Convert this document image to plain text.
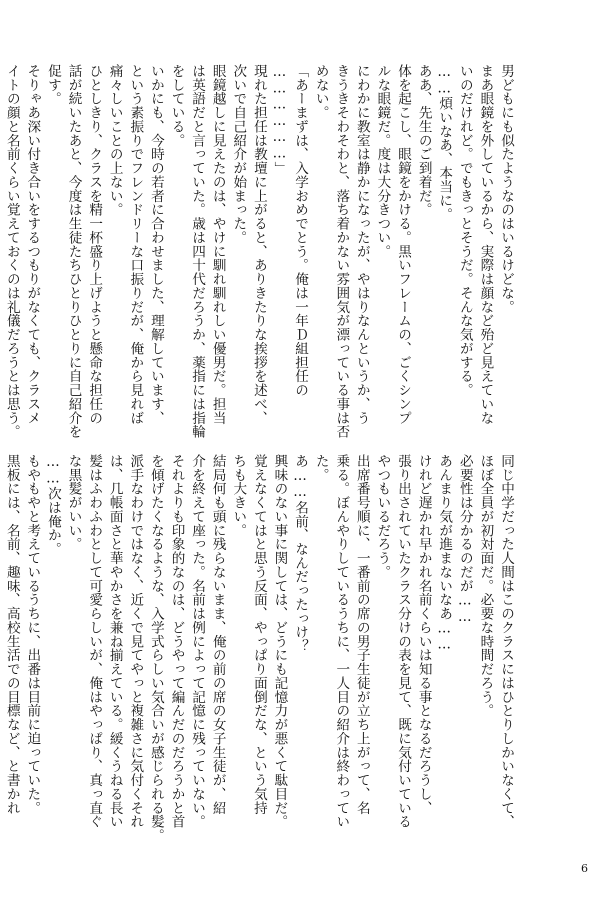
男どもにも似たようなのはいるけどな。
まあ眼鏡を外しているから、実際は顔など殆ど見えていな
いのだけれど。でもきっとそうだ。そんな気がする。
……煩いなあ、本当に。
ああ、先生のご到着だ。
体を起こし、眼鏡をかける。黒いフレームの、ごくシンプ
ルな眼鏡だ。度は大分きつい。
にわかに教室は静かになったが、やはりなんというか、う
きうきそわそわと、落ち着かない雰囲気が漂っている事は否
めない。
「あーまずは、入学おめでとう。俺は一年Ｄ組担任の
………………」
現れた担任は教壇に上がると、ありきたりな挨拶を述べ、
次いで自己紹介が始まった。
眼鏡越しに見えたのは、やけに馴れ馴れしい優男だ。担当
は英語だと言っていた。歳は四十代だろうか、薬指には指輪
をしている。
いかにも、今時の若者に合わせました、理解しています、
という素振りでフレンドリーな口振りだが、俺から見れば
痛々しいことの上ない。
ひとしきり、クラスを精一杯盛り上げようと懸命な担任の
話が続いたあと、今度は生徒たちひとりひとりに自己紹介を
促す。
そりゃあ深い付き合いをするつもりがなくても、クラスメ
イトの顔と名前くらい覚えておくのは礼儀だろうとは思う。
同じ中学だった人間はこのクラスにはひとりしかいなくて、
ほぼ全員が初対面だ。必要な時間だろう。
必要性は分かるのだが……
あんまり気が進まないなあ……
けれど遅かれ早かれ名前くらいは知る事となるだろうし、
張り出されていたクラス分けの表を見て、既に気付いている
やつもいるだろう。
出席番号順に、一番前の席の男子生徒が立ち上がって、名
乗る。ぼんやりしているうちに、一人目の紹介は終わってい
た。
あ……名前、なんだったっけ？
興味のない事に関しては、どうにも記憶力が悪くて駄目だ。
覚えなくてはと思う反面、やっぱり面倒だな、という気持
ちも大きい。
結局何も頭に残らないまま、俺の前の席の女子生徒が、紹
介を終えて座った。名前は例によって記憶に残っていない。
それよりも印象的なのは、どうやって編んだのだろうかと首
を傾げたくなるような、入学式らしい気合いが感じられる髪。
派手なわけではなく、近くで見てやっと複雑さに気付くそれ
は、几帳面さと華やかさを兼ね揃えている。緩くうねる長い
髪はふわふわとして可愛らしいが、俺はやっぱり、真っ直ぐ
な黒髪がいい。
……次は俺か。
もやもやと考えているうちに、出番は目前に迫っていた。
黒板には、名前、趣味、高校生活での目標など、と書かれ
6
